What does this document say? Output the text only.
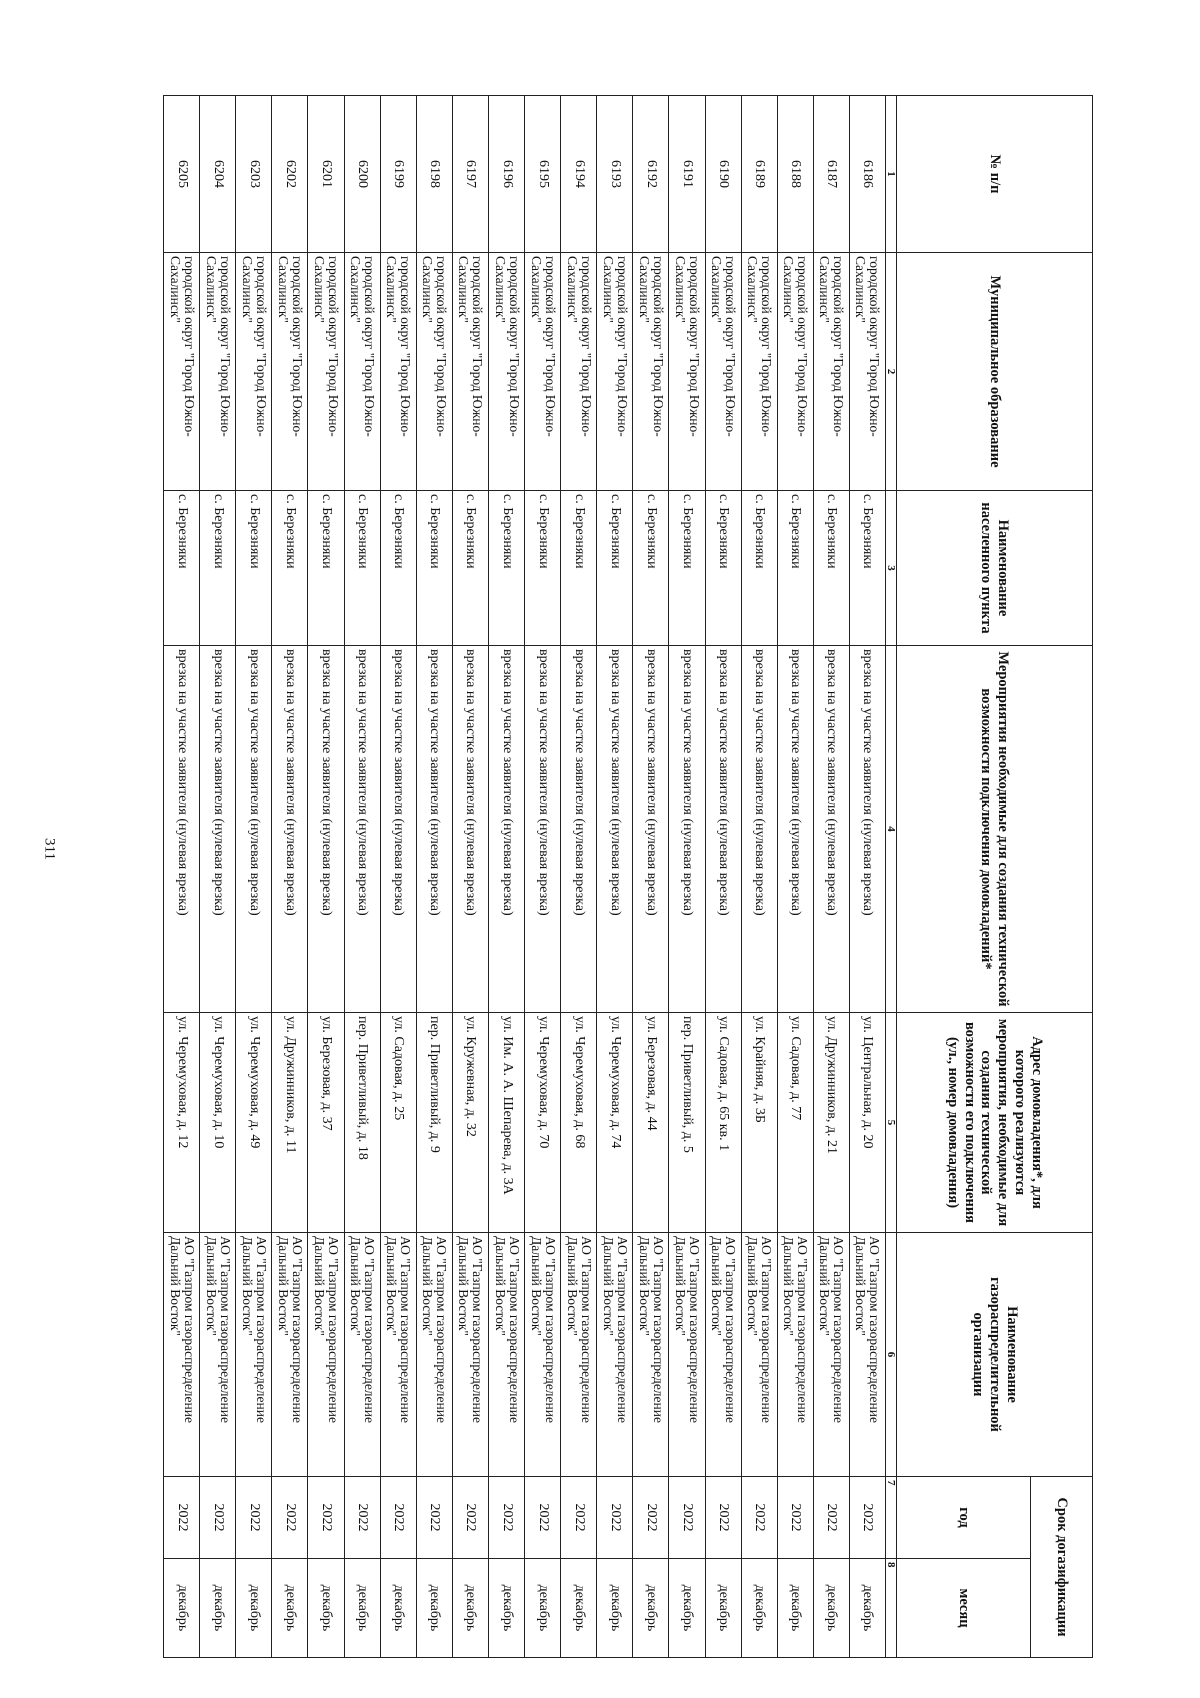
311
№ п/п	Муниципальное образование	Наименование населенного пункта	Мероприятия необходимые для создания технической возможности подключения домовладений*	Адрес домовладения*, для которого реализуются мероприятия, необходимые для создания технической возможности его подключения (ул., номер домовладения)	Наименование газораспределительной организации	Срок догазификации	
						год	месяц
1	2	3	4	5	6	7	8
6186	городской округ "Город Южно-Сахалинск"	с. Березняки	врезка на участке заявителя (нулевая врезка)	ул. Центральная, д. 20	АО "Газпром газораспределение Дальний Восток"	2022	декабрь
6187	городской округ "Город Южно-Сахалинск"	с. Березняки	врезка на участке заявителя (нулевая врезка)	ул. Дружинников, д. 21	АО "Газпром газораспределение Дальний Восток"	2022	декабрь
6188	городской округ "Город Южно-Сахалинск"	с. Березняки	врезка на участке заявителя (нулевая врезка)	ул. Садовая, д. 77	АО "Газпром газораспределение Дальний Восток"	2022	декабрь
6189	городской округ "Город Южно-Сахалинск"	с. Березняки	врезка на участке заявителя (нулевая врезка)	ул. Крайняя, д. 3Б	АО "Газпром газораспределение Дальний Восток"	2022	декабрь
6190	городской округ "Город Южно-Сахалинск"	с. Березняки	врезка на участке заявителя (нулевая врезка)	ул. Садовая, д. 65 кв. 1	АО "Газпром газораспределение Дальний Восток"	2022	декабрь
6191	городской округ "Город Южно-Сахалинск"	с. Березняки	врезка на участке заявителя (нулевая врезка)	пер. Приветливый, д. 5	АО "Газпром газораспределение Дальний Восток"	2022	декабрь
6192	городской округ "Город Южно-Сахалинск"	с. Березняки	врезка на участке заявителя (нулевая врезка)	ул. Березовая, д. 44	АО "Газпром газораспределение Дальний Восток"	2022	декабрь
6193	городской округ "Город Южно-Сахалинск"	с. Березняки	врезка на участке заявителя (нулевая врезка)	ул. Черемуховая, д. 74	АО "Газпром газораспределение Дальний Восток"	2022	декабрь
6194	городской округ "Город Южно-Сахалинск"	с. Березняки	врезка на участке заявителя (нулевая врезка)	ул. Черемуховая, д. 68	АО "Газпром газораспределение Дальний Восток"	2022	декабрь
6195	городской округ "Город Южно-Сахалинск"	с. Березняки	врезка на участке заявителя (нулевая врезка)	ул. Черемуховая, д. 70	АО "Газпром газораспределение Дальний Восток"	2022	декабрь
6196	городской округ "Город Южно-Сахалинск"	с. Березняки	врезка на участке заявителя (нулевая врезка)	ул. Им. А. А. Шепарева, д. 3А	АО "Газпром газораспределение Дальний Восток"	2022	декабрь
6197	городской округ "Город Южно-Сахалинск"	с. Березняки	врезка на участке заявителя (нулевая врезка)	ул. Кружевная, д. 32	АО "Газпром газораспределение Дальний Восток"	2022	декабрь
6198	городской округ "Город Южно-Сахалинск"	с. Березняки	врезка на участке заявителя (нулевая врезка)	пер. Приветливый, д. 9	АО "Газпром газораспределение Дальний Восток"	2022	декабрь
6199	городской округ "Город Южно-Сахалинск"	с. Березняки	врезка на участке заявителя (нулевая врезка)	ул. Садовая, д. 25	АО "Газпром газораспределение Дальний Восток"	2022	декабрь
6200	городской округ "Город Южно-Сахалинск"	с. Березняки	врезка на участке заявителя (нулевая врезка)	пер. Приветливый, д. 18	АО "Газпром газораспределение Дальний Восток"	2022	декабрь
6201	городской округ "Город Южно-Сахалинск"	с. Березняки	врезка на участке заявителя (нулевая врезка)	ул. Березовая, д. 37	АО "Газпром газораспределение Дальний Восток"	2022	декабрь
6202	городской округ "Город Южно-Сахалинск"	с. Березняки	врезка на участке заявителя (нулевая врезка)	ул. Дружинников, д. 11	АО "Газпром газораспределение Дальний Восток"	2022	декабрь
6203	городской округ "Город Южно-Сахалинск"	с. Березняки	врезка на участке заявителя (нулевая врезка)	ул. Черемуховая, д. 49	АО "Газпром газораспределение Дальний Восток"	2022	декабрь
6204	городской округ "Город Южно-Сахалинск"	с. Березняки	врезка на участке заявителя (нулевая врезка)	ул. Черемуховая, д. 10	АО "Газпром газораспределение Дальний Восток"	2022	декабрь
6205	городской округ "Город Южно-Сахалинск"	с. Березняки	врезка на участке заявителя (нулевая врезка)	ул. Черемуховая, д. 12	АО "Газпром газораспределение Дальний Восток"	2022	декабрь
